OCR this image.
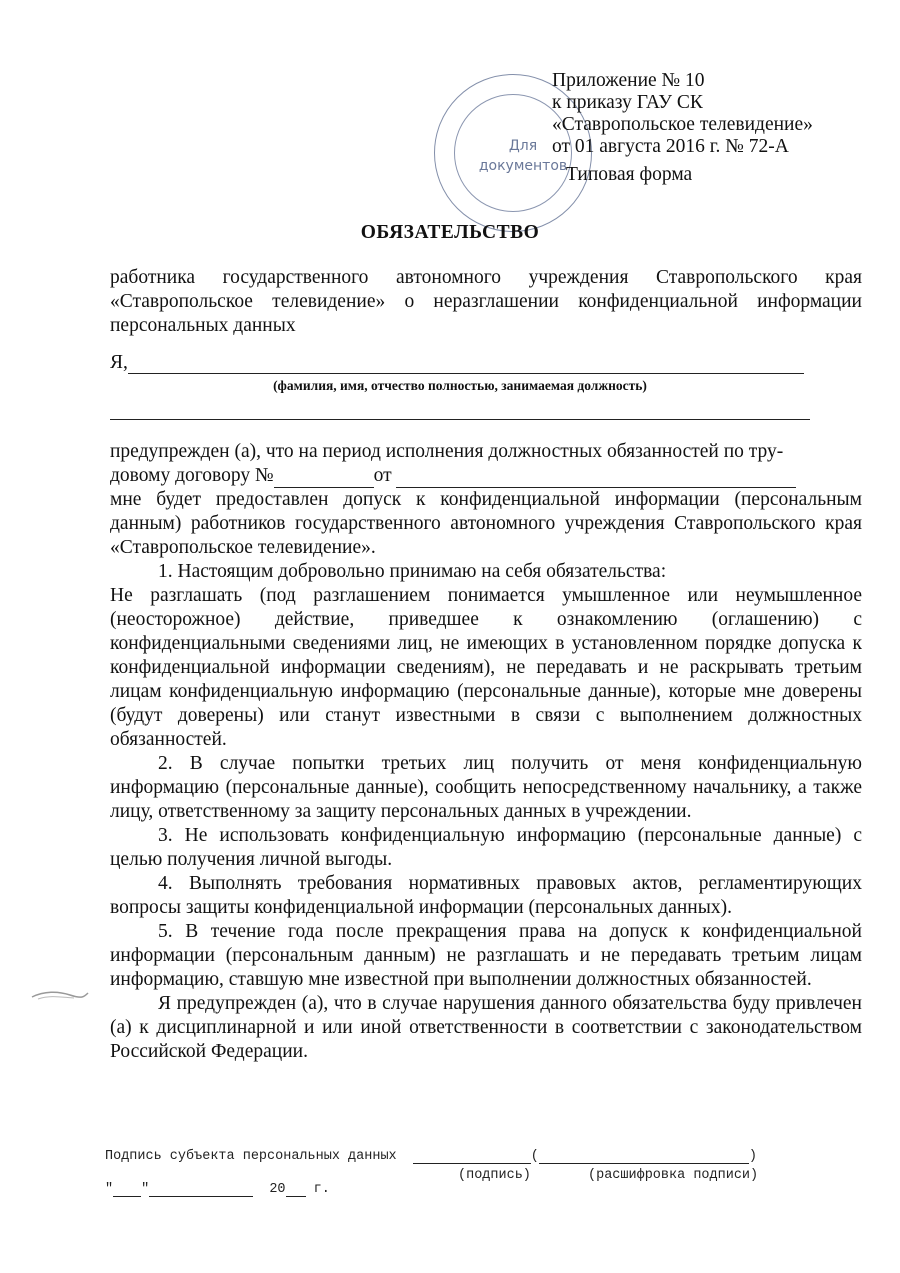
Для
документов
Приложение № 10
к приказу ГАУ СК
«Ставропольское телевидение»
от 01 августа 2016 г. № 72-А
Типовая форма
ОБЯЗАТЕЛЬСТВО
работника государственного автономного учреждения Ставропольского края «Ставропольское телевидение» о неразглашении конфиденциальной информации персональных данных
Я,
(фамилия, имя, отчество полностью, занимаемая должность)

предупрежден (а), что на период исполнения должностных обязанностей по тру-

довому договору №	от

мне будет предоставлен допуск к конфиденциальной информации (персональным данным) работников государственного автономного учреждения Ставропольского края «Ставропольское телевидение».

1. Настоящим добровольно принимаю на себя обязательства:

Не разглашать (под разглашением понимается умышленное или неумышленное (неосторожное) действие, приведшее к ознакомлению (оглашению) с конфиденциальными сведениями лиц, не имеющих в установленном порядке допуска к конфиденциальной информации сведениям), не передавать и не раскрывать третьим лицам конфиденциальную информацию (персональные данные), которые мне доверены (будут доверены) или станут известными в связи с выполнением должностных обязанностей.

2. В случае попытки третьих лиц получить от меня конфиденциальную информацию (персональные данные), сообщить непосредственному начальнику, а также лицу, ответственному за защиту персональных данных в учреждении.

3. Не использовать конфиденциальную информацию (персональные данные) с целью получения личной выгоды.

4. Выполнять требования нормативных правовых актов, регламентирующих вопросы защиты конфиденциальной информации (персональных данных).

5. В течение года после прекращения права на допуск к конфиденциальной информации (персональным данным) не разглашать и не передавать третьим лицам информацию, ставшую мне известной при выполнении должностных обязанностей.

Я предупрежден (а), что в случае нарушения данного обязательства буду привлечен (а) к дисциплинарной и или иной ответственности в соответствии с законодательством Российской Федерации.

Подпись субъекта персональных данных	(	)
(подпись)	(расшифровка подписи)
" "	20 г.
